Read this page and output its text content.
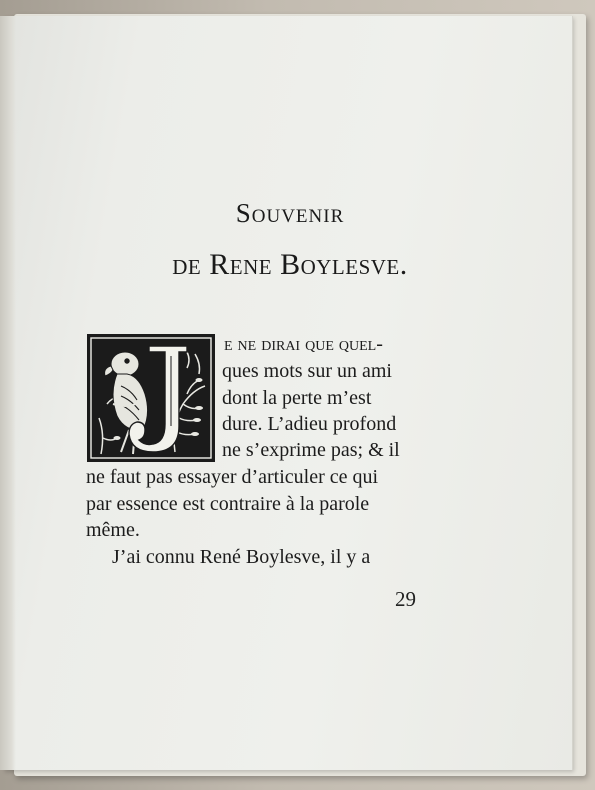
Souvenir
de Rene Boylesve.
e ne dirai que quel-
ques mots sur un ami
dont la perte m’est
dure. L’adieu profond
ne s’exprime pas; & il
ne faut pas essayer d’articuler ce qui
par essence est contraire à la parole
même.
J’ai connu René Boylesve, il y a
29
